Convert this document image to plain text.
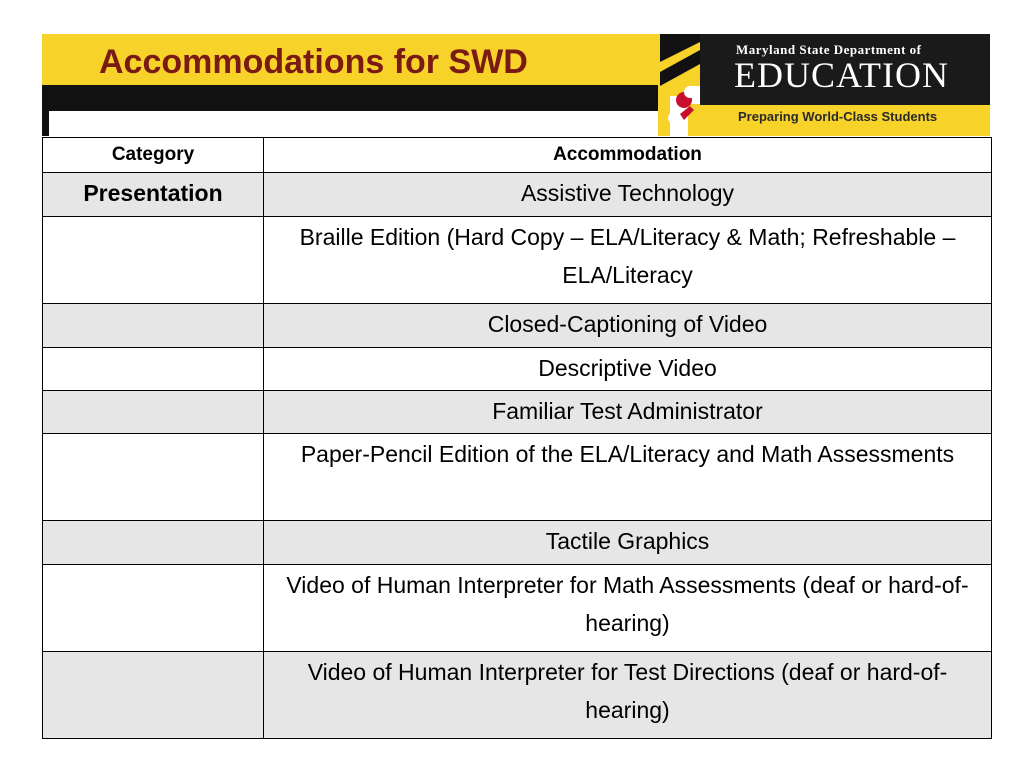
Accommodations for SWD	Maryland State Department of
EDUCATION
Preparing World-Class Students
Category	Accommodation
Presentation	Assistive Technology
	Braille Edition (Hard Copy – ELA/Literacy & Math; Refreshable – ELA/Literacy
	Closed-Captioning of Video
	Descriptive Video
	Familiar Test Administrator
	Paper-Pencil Edition of the ELA/Literacy and Math Assessments
	Tactile Graphics
	Video of Human Interpreter for Math Assessments (deaf or hard-of-hearing)
	Video of Human Interpreter for Test Directions (deaf or hard-of-hearing)
